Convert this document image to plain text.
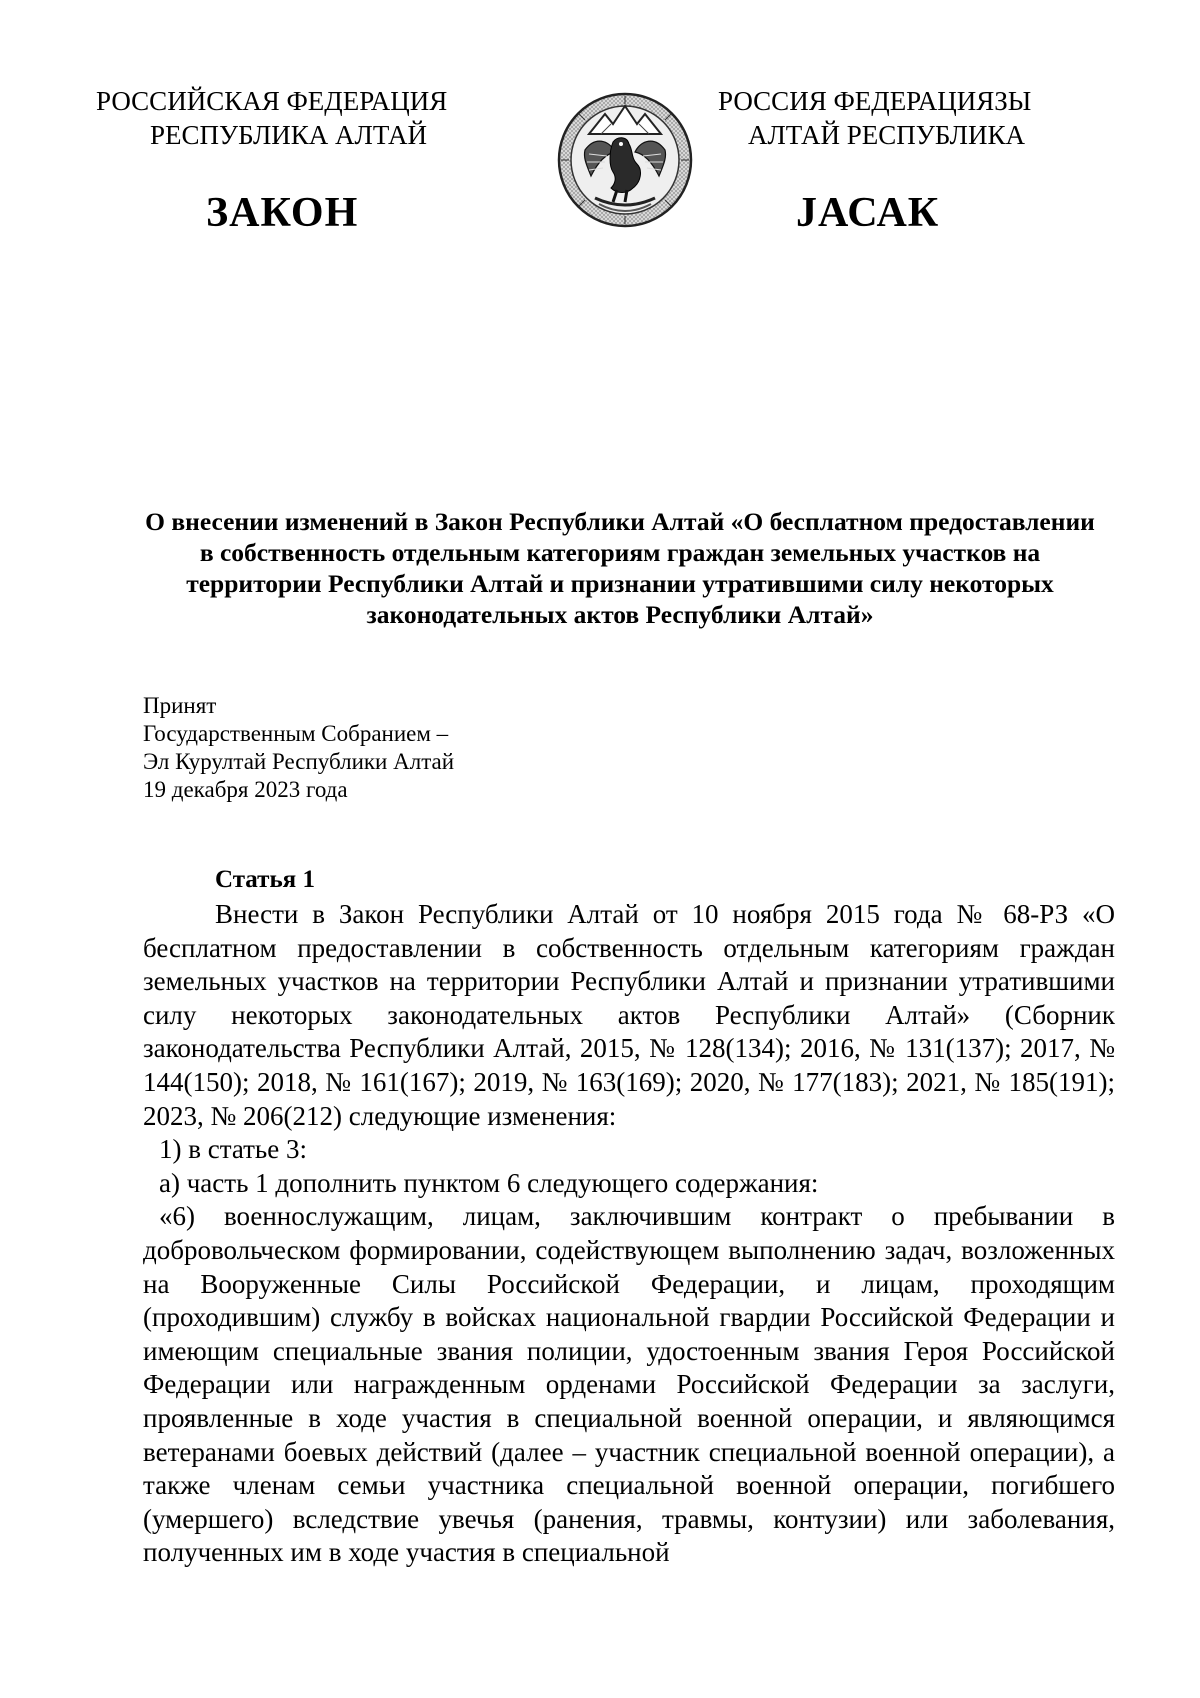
РОССИЙСКАЯ ФЕДЕРАЦИЯ
РЕСПУБЛИКА АЛТАЙ
ЗАКОН
РОССИЯ ФЕДЕРАЦИЯЗЫ
АЛТАЙ РЕСПУБЛИКА
JАСАК
О внесении изменений в Закон Республики Алтай «О бесплатном предоставлении в собственность отдельным категориям граждан земельных участков на территории Республики Алтай и признании утратившими силу некоторых законодательных актов Республики Алтай»
Принят
Государственным Собранием –
Эл Курултай Республики Алтай
19 декабря 2023 года
Статья 1

Внести в Закон Республики Алтай от 10 ноября 2015 года № 68-РЗ «О бесплатном предоставлении в собственность отдельным категориям граждан земельных участков на территории Республики Алтай и признании утратившими силу некоторых законодательных актов Республики Алтай» (Сборник законодательства Республики Алтай, 2015, № 128(134); 2016, № 131(137); 2017, № 144(150); 2018, № 161(167); 2019, № 163(169); 2020, № 177(183); 2021, № 185(191); 2023, № 206(212) следующие изменения:

1) в статье 3:

а) часть 1 дополнить пунктом 6 следующего содержания:

«6) военнослужащим, лицам, заключившим контракт о пребывании в добровольческом формировании, содействующем выполнению задач, возложенных на Вооруженные Силы Российской Федерации, и лицам, проходящим (проходившим) службу в войсках национальной гвардии Российской Федерации и имеющим специальные звания полиции, удостоенным звания Героя Российской Федерации или награжденным орденами Российской Федерации за заслуги, проявленные в ходе участия в специальной военной операции, и являющимся ветеранами боевых действий (далее – участник специальной военной операции), а также членам семьи участника специальной военной операции, погибшего (умершего) вследствие увечья (ранения, травмы, контузии) или заболевания, полученных им в ходе участия в специальной
